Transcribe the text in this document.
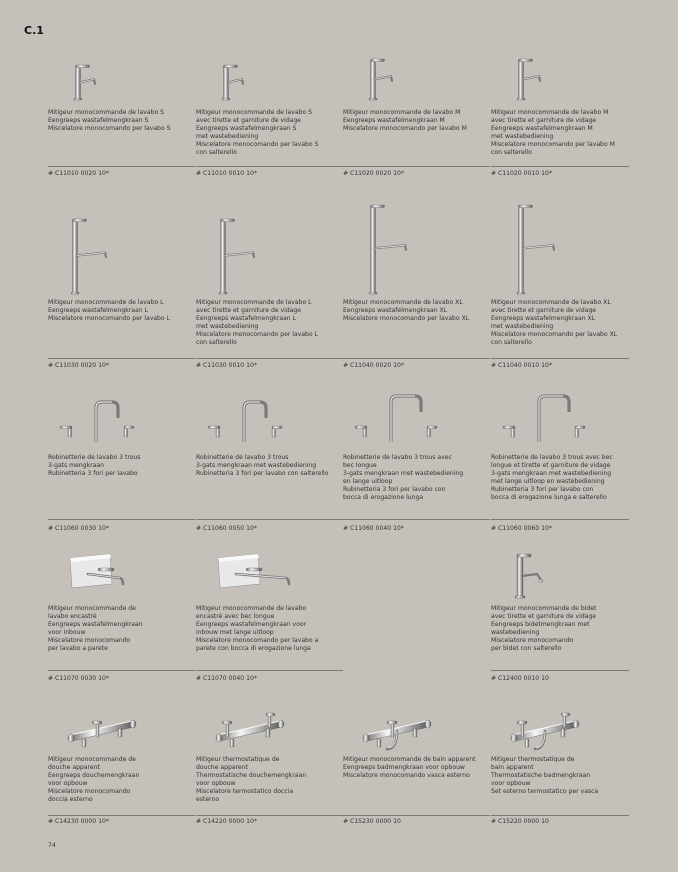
C.1
Mitigeur monocommande de lavabo S
Eengreeps wastafelmengkraan S
Miscelatore monocomando per lavabo S
# C11010 0020 10*
Mitigeur monocommande de lavabo S
avec tirette et garniture de vidage
Eengreeps wastafelmengkraan S
met wastebediening
Miscelatore monocomando per lavabo S
con salterello
# C11010 0010 10*
Mitigeur monocommande de lavabo M
Eengreeps wastafelmengkraan M
Miscelatore monocomando per lavabo M
# C11020 0020 10*
Mitigeur monocommande de lavabo M
avec tirette et garniture de vidage
Eengreeps wastafelmengkraan M
met wastebediening
Miscelatore monocomando per lavabo M
con salterello
# C11020 0010 10*
Mitigeur monocommande de lavabo L
Eengreeps wastafelmengkraan L
Miscelatore monocomando per lavabo L
# C11030 0020 10*
Mitigeur monocommande de lavabo L
avec tirette et garniture de vidage
Eengreeps wastafelmengkraan L
met wastebediening
Miscelatore monocomando per lavabo L
con salterello
# C11030 0010 10*
Mitigeur monocommande de lavabo XL
Eengreeps wastafelmengkraan XL
Miscelatore monocomando per lavabo XL
# C11040 0020 10*
Mitigeur monocommande de lavabo XL
avec tirette et garniture de vidage
Eengreeps wastafelmengkraan XL
met wastebediening
Miscelatore monocomando per lavabo XL
con salterello
# C11040 0010 10*
Robinetterie de lavabo 3 trous
3-gats mengkraan
Rubinetteria 3 fori per lavabo
# C11060 0030 10*
Robinetterie de lavabo 3 trous
3-gats mengkraan met wastebediening
Rubinetteria 3 fori per lavabo con salterello
# C11060 0050 10*
Robinetterie de lavabo 3 trous avec
bec longue
3-gats mengkraan met wastebediening
en lange uitloop
Rubinetteria 3 fori per lavabo con
bocca di erogazione lunga
# C11060 0040 10*
Robinetterie de lavabo 3 trous avec bec
longue et tirette et garniture de vidage
3-gats mengkraan met wastebediening
met lange uitloop en wastebediening
Rubinetteria 3 fori per lavabo con
bocca di erogazione lunga e salterello
# C11060 0060 10*
Mitigeur monocommande de
lavabo encastré
Eengreeps wastafelmengkraan
voor inbouw
Miscelatore monocomando
per lavabo a parete
# C11070 0030 10*
Mitigeur monocommande de lavabo
encastré avec bec longue
Eengreeps wastafelmengkraan voor
inbouw met lange uitloop
Miscelatore monocomando per lavabo a
parete con bocca di erogazione lunga
# C11070 0040 10*
Mitigeur monocommande de bidet
avec tirette et garniture de vidage
Eengreeps bidetmengkraan met
wastebediening
Miscelatore monocomando
per bidet con salterello
# C12400 0010 10
Mitigeur monocommande de
douche apparent
Eengreeps douchemengkraan
voor opbouw
Miscelatore monocomando
doccia esterno
# C14230 0000 10*
Mitigeur thermostatique de
douche apparent
Thermostatische douchemengkraan
voor opbouw
Miscelatore termostatico doccia
esterno
# C14220 0000 10*
Mitigeur monocommande de bain apparent
Eengreeps badmengkraan voor opbouw
Miscelatore monocomando vasca esterno
# C15230 0000 10
Mitigeur thermostatique de
bain apparent
Thermostatische badmengkraan
voor opbouw
Set esterno termostatico per vasca
# C15220 0000 10
74
